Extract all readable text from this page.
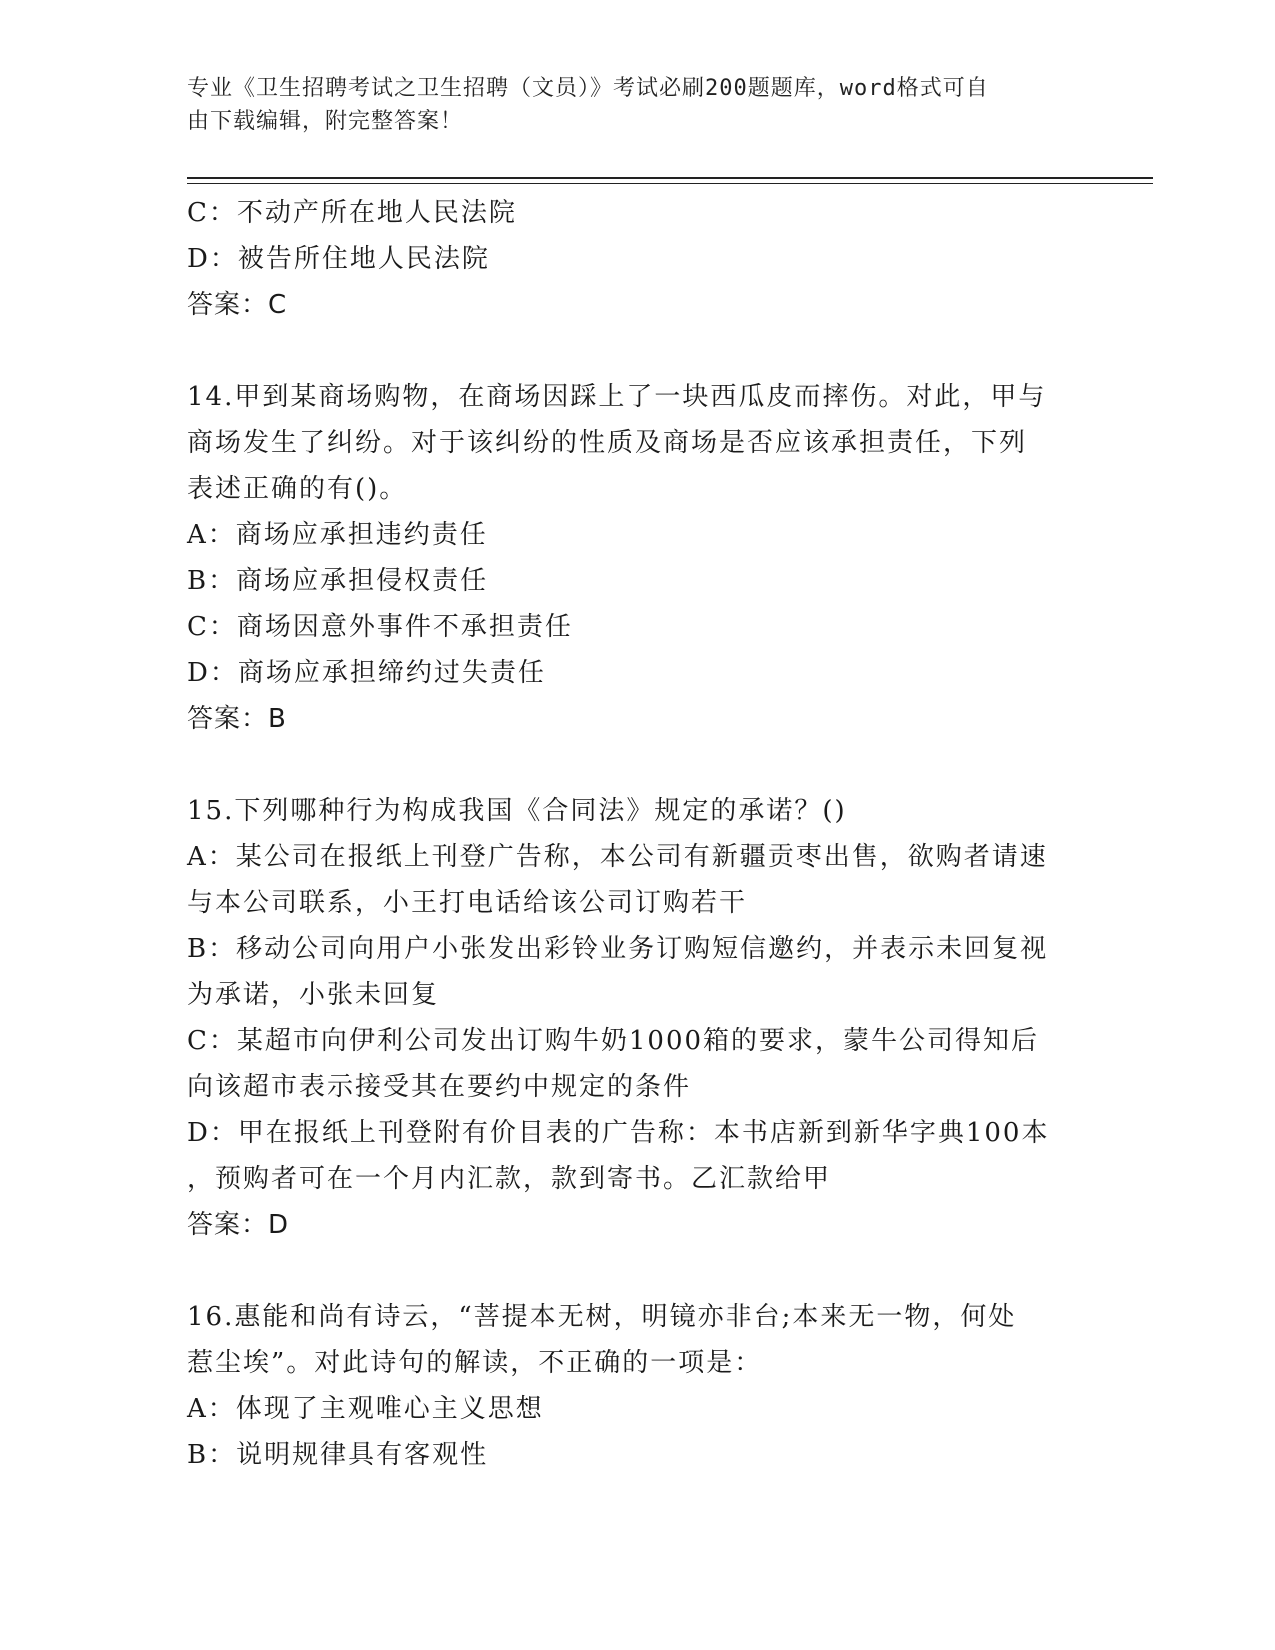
专业《卫生招聘考试之卫生招聘（文员）》考试必刷200题题库，word格式可自
由下载编辑，附完整答案！

C：不动产所在地人民法院

D：被告所住地人民法院

答案：C

14.甲到某商场购物，在商场因踩上了一块西瓜皮而摔伤。对此，甲与

商场发生了纠纷。对于该纠纷的性质及商场是否应该承担责任，下列

表述正确的有()。

A：商场应承担违约责任

B：商场应承担侵权责任

C：商场因意外事件不承担责任

D：商场应承担缔约过失责任

答案：B

15.下列哪种行为构成我国《合同法》规定的承诺？()

A：某公司在报纸上刊登广告称，本公司有新疆贡枣出售，欲购者请速

与本公司联系，小王打电话给该公司订购若干

B：移动公司向用户小张发出彩铃业务订购短信邀约，并表示未回复视

为承诺，小张未回复

C：某超市向伊利公司发出订购牛奶1000箱的要求，蒙牛公司得知后

向该超市表示接受其在要约中规定的条件

D：甲在报纸上刊登附有价目表的广告称：本书店新到新华字典100本

，预购者可在一个月内汇款，款到寄书。乙汇款给甲

答案：D

16.惠能和尚有诗云，“菩提本无树，明镜亦非台;本来无一物，何处

惹尘埃”。对此诗句的解读，不正确的一项是：

A：体现了主观唯心主义思想

B：说明规律具有客观性
